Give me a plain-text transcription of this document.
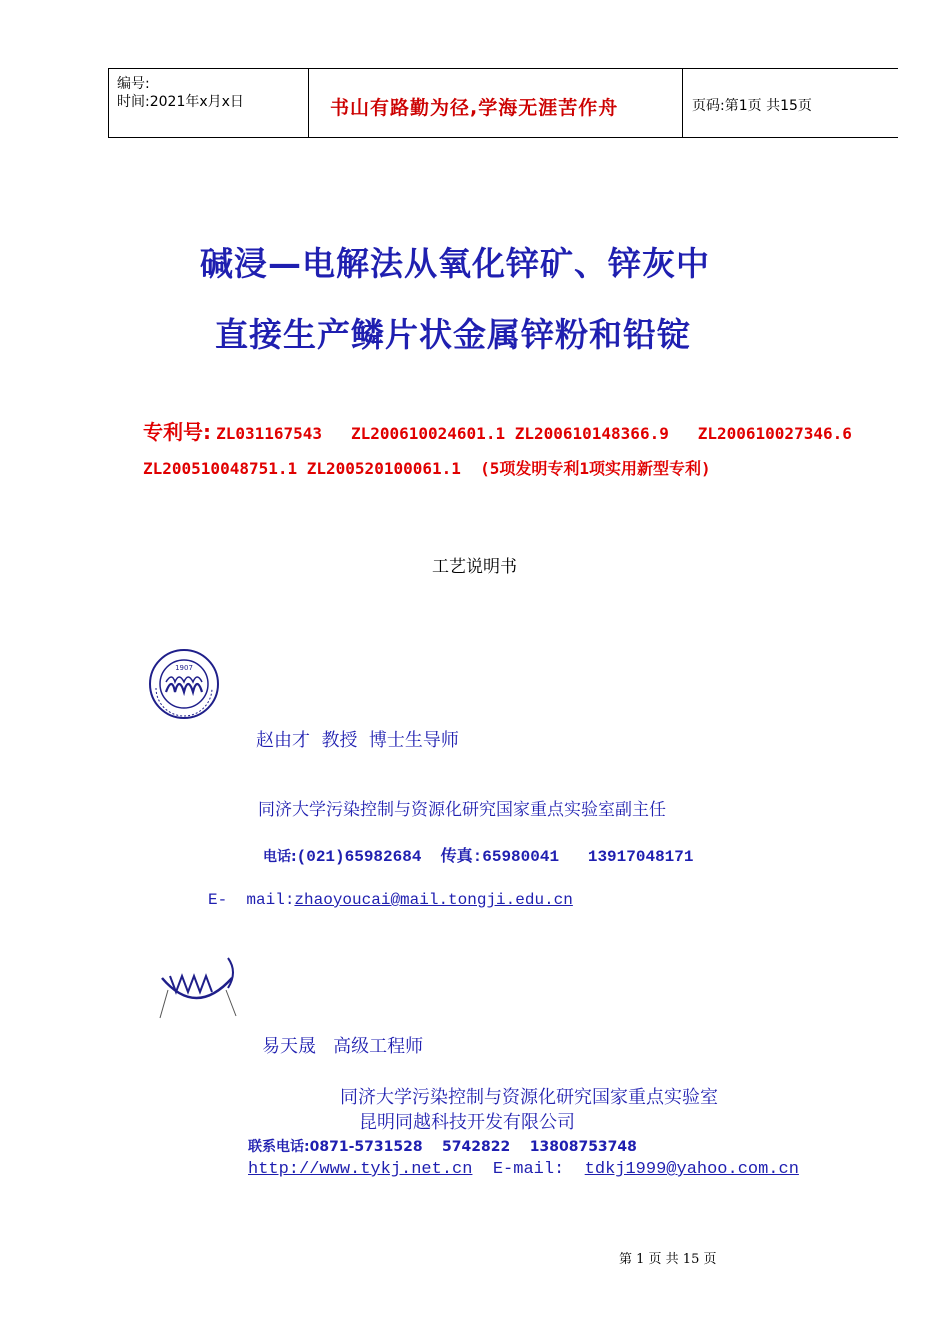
编号:
时间:2021年x月x日	书山有路勤为径,学海无涯苦作舟	页码:第1页 共15页
碱浸—电解法从氧化锌矿、锌灰中
直接生产鳞片状金属锌粉和铅锭
专利号: ZL031167543   ZL200610024601.1 ZL200610148366.9   ZL200610027346.6
ZL200510048751.1 ZL200520100061.1  (5项发明专利1项实用新型专利)
工艺说明书
1907
赵由才  教授  博士生导师
同济大学污染控制与资源化研究国家重点实验室副主任
电话:(021)65982684  传真:65980041   13917048171
E-  mail:zhaoyoucai@mail.tongji.edu.cn
易天晟   高级工程师
同济大学污染控制与资源化研究国家重点实验室
昆明同越科技开发有限公司
联系电话:0871-5731528    5742822    13808753748
http://www.tykj.net.cn E-mail: tdkj1999@yahoo.com.cn
第 1 页 共 15 页
